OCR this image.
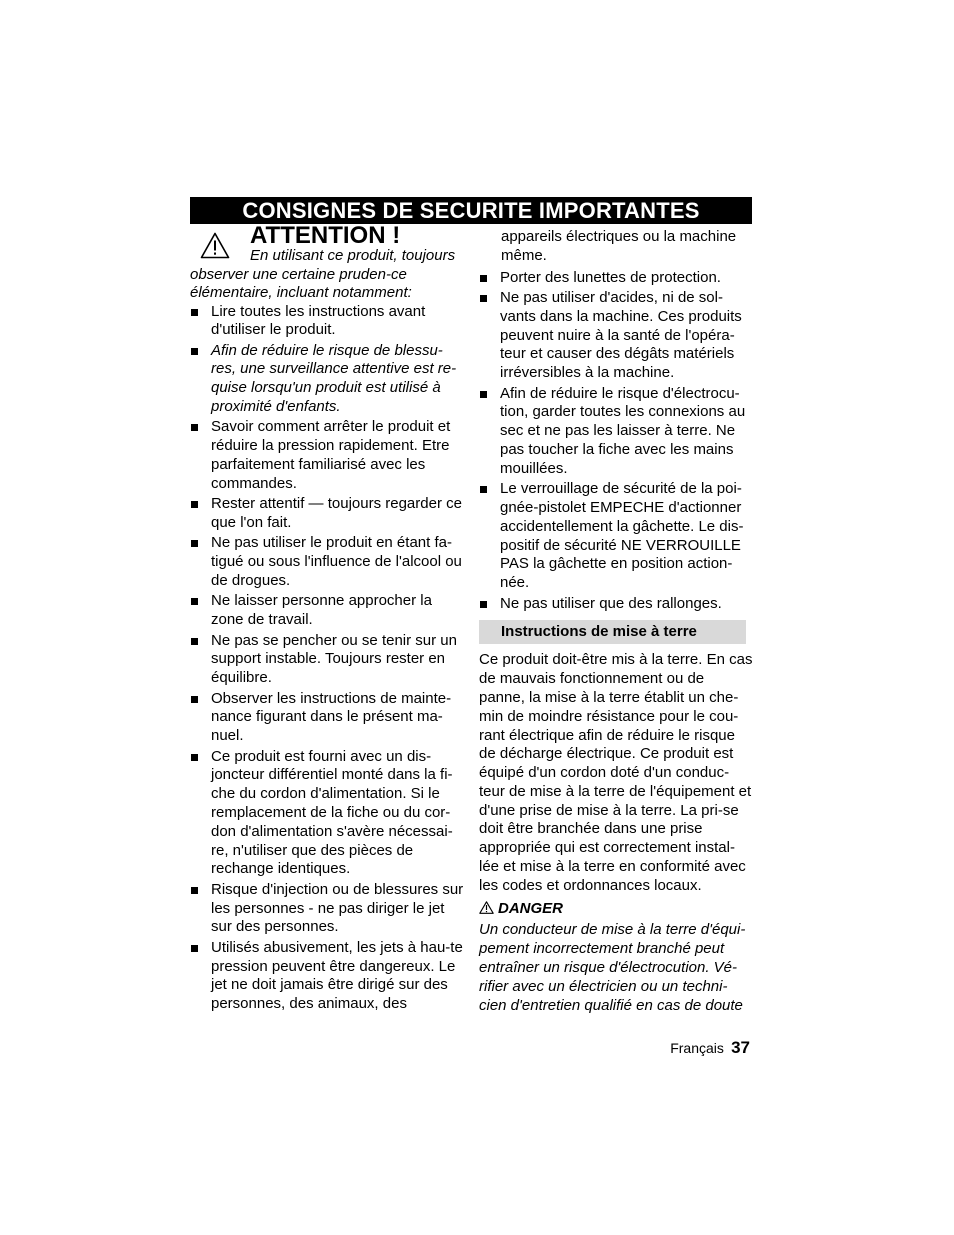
CONSIGNES DE SECURITE IMPORTANTES
ATTENTION !

En utilisant ce produit, toujours observer une certaine pruden-ce élémentaire, incluant notamment:

Lire toutes les instructions avant d'utiliser le produit.
Afin de réduire le risque de blessu-res, une surveillance attentive est re-quise lorsqu'un produit est utilisé à proximité d'enfants.
Savoir comment arrêter le produit et réduire la pression rapidement. Etre parfaitement familiarisé avec les commandes.
Rester attentif — toujours regarder ce que l'on fait.
Ne pas utiliser le produit en étant fa-tigué ou sous l'influence de l'alcool ou de drogues.
Ne laisser personne approcher la zone de travail.
Ne pas se pencher ou se tenir sur un support instable. Toujours rester en équilibre.
Observer les instructions de mainte-nance figurant dans le présent ma-nuel.
Ce produit est fourni avec un dis-joncteur différentiel monté dans la fi-che du cordon d'alimentation. Si le remplacement de la fiche ou du cor-don d'alimentation s'avère nécessai-re, n'utiliser que des pièces de rechange identiques.
Risque d'injection ou de blessures sur les personnes - ne pas diriger le jet sur des personnes.
Utilisés abusivement, les jets à hau-te pression peuvent être dangereux. Le jet ne doit jamais être dirigé sur des personnes, des animaux, des

appareils électriques ou la machine même.

Porter des lunettes de protection.
Ne pas utiliser d'acides, ni de sol-vants dans la machine. Ces produits peuvent nuire à la santé de l'opéra-teur et causer des dégâts matériels irréversibles à la machine.
Afin de réduire le risque d'électrocu-tion, garder toutes les connexions au sec et ne pas les laisser à terre. Ne pas toucher la fiche avec les mains mouillées.
Le verrouillage de sécurité de la poi-gnée-pistolet EMPECHE d'actionner accidentellement la gâchette. Le dis-positif de sécurité NE VERROUILLE PAS la gâchette en position action-née.
Ne pas utiliser que des rallonges.
Instructions de mise à terre

Ce produit doit-être mis à la terre. En cas de mauvais fonctionnement ou de panne, la mise à la terre établit un che-min de moindre résistance pour le cou-rant électrique afin de réduire le risque de décharge électrique. Ce produit est équipé d'un cordon doté d'un conduc-teur de mise à la terre de l'équipement et d'une prise de mise à la terre. La pri-se doit être branchée dans une prise appropriée qui est correctement instal-lée et mise à la terre en conformité avec les codes et ordonnances locaux.

DANGER

Un conducteur de mise à la terre d'équi-pement incorrectement branché peut entraîner un risque d'électrocution. Vé-rifier avec un électricien ou un techni-cien d'entretien qualifié en cas de doute

Français 37
